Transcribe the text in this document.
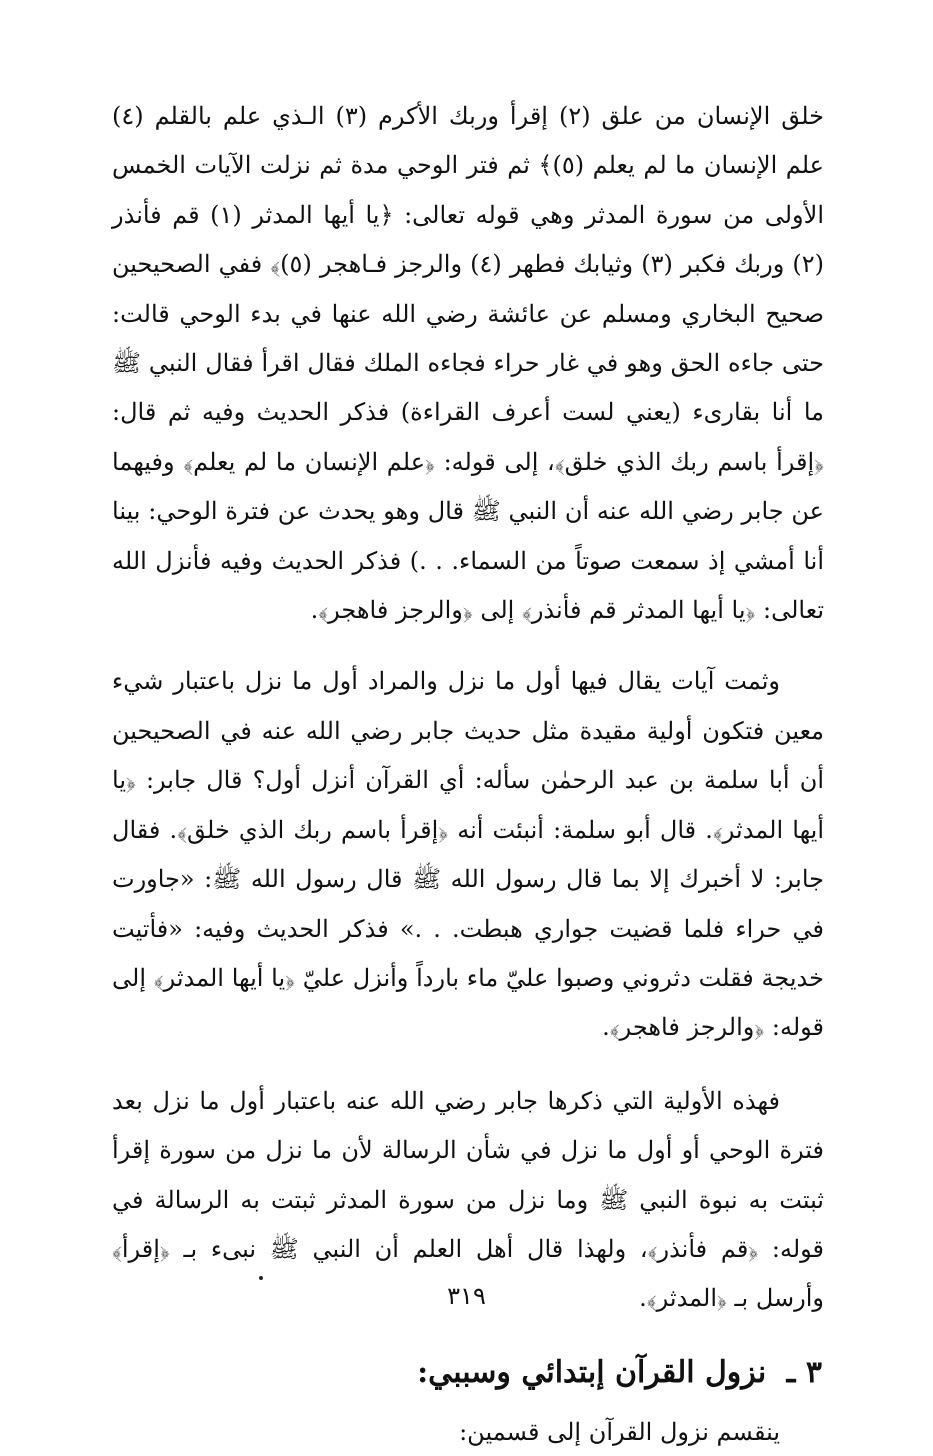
خلق الإنسان من علق (٢) إقرأ وربك الأكرم (٣) الـذي علم بالقلم (٤) علم الإنسان ما لم يعلم (٥)﴾ ثم فتر الوحي مدة ثم نزلت الآيات الخمس الأولى من سورة المدثر وهي قوله تعالى: ﴿يا أيها المدثر (١) قم فأنذر (٢) وربك فكبر (٣) وثيابك فطهر (٤) والرجز فـاهجر (٥)﴾ ففي الصحيحين صحيح البخاري ومسلم عن عائشة رضي الله عنها في بدء الوحي قالت: حتى جاءه الحق وهو في غار حراء فجاءه الملك فقال اقرأ فقال النبي ﷺ ما أنا بقارىء (يعني لست أعرف القراءة) فذكر الحديث وفيه ثم قال: ﴿إقرأ باسم ربك الذي خلق﴾، إلى قوله: ﴿علم الإنسان ما لم يعلم﴾ وفيهما عن جابر رضي الله عنه أن النبي ﷺ قال وهو يحدث عن فترة الوحي: بينا أنا أمشي إذ سمعت صوتاً من السماء. . .) فذكر الحديث وفيه فأنزل الله تعالى: ﴿يا أيها المدثر قم فأنذر﴾ إلى ﴿والرجز فاهجر﴾.

وثمت آيات يقال فيها أول ما نزل والمراد أول ما نزل باعتبار شيء معين فتكون أولية مقيدة مثل حديث جابر رضي الله عنه في الصحيحين أن أبا سلمة بن عبد الرحمٰن سأله: أي القرآن أنزل أول؟ قال جابر: ﴿يا أيها المدثر﴾. قال أبو سلمة: أنبئت أنه ﴿إقرأ باسم ربك الذي خلق﴾. فقال جابر: لا أخبرك إلا بما قال رسول الله ﷺ قال رسول الله ﷺ: «جاورت في حراء فلما قضيت جواري هبطت. . .» فذكر الحديث وفيه: «فأتيت خديجة فقلت دثروني وصبوا عليّ ماء بارداً وأنزل عليّ ﴿يا أيها المدثر﴾ إلى قوله: ﴿والرجز فاهجر﴾.

فهذه الأولية التي ذكرها جابر رضي الله عنه باعتبار أول ما نزل بعد فترة الوحي أو أول ما نزل في شأن الرسالة لأن ما نزل من سورة إقرأ ثبتت به نبوة النبي ﷺ وما نزل من سورة المدثر ثبتت به الرسالة في قوله: ﴿قم فأنذر﴾، ولهذا قال أهل العلم أن النبي ﷺ نبىء بـ ﴿إقرأ﴾ وأرسل بـ ﴿المدثر﴾.

٣ ـ نزول القرآن إبتدائي وسببي:

ينقسم نزول القرآن إلى قسمين:

٣١٩
